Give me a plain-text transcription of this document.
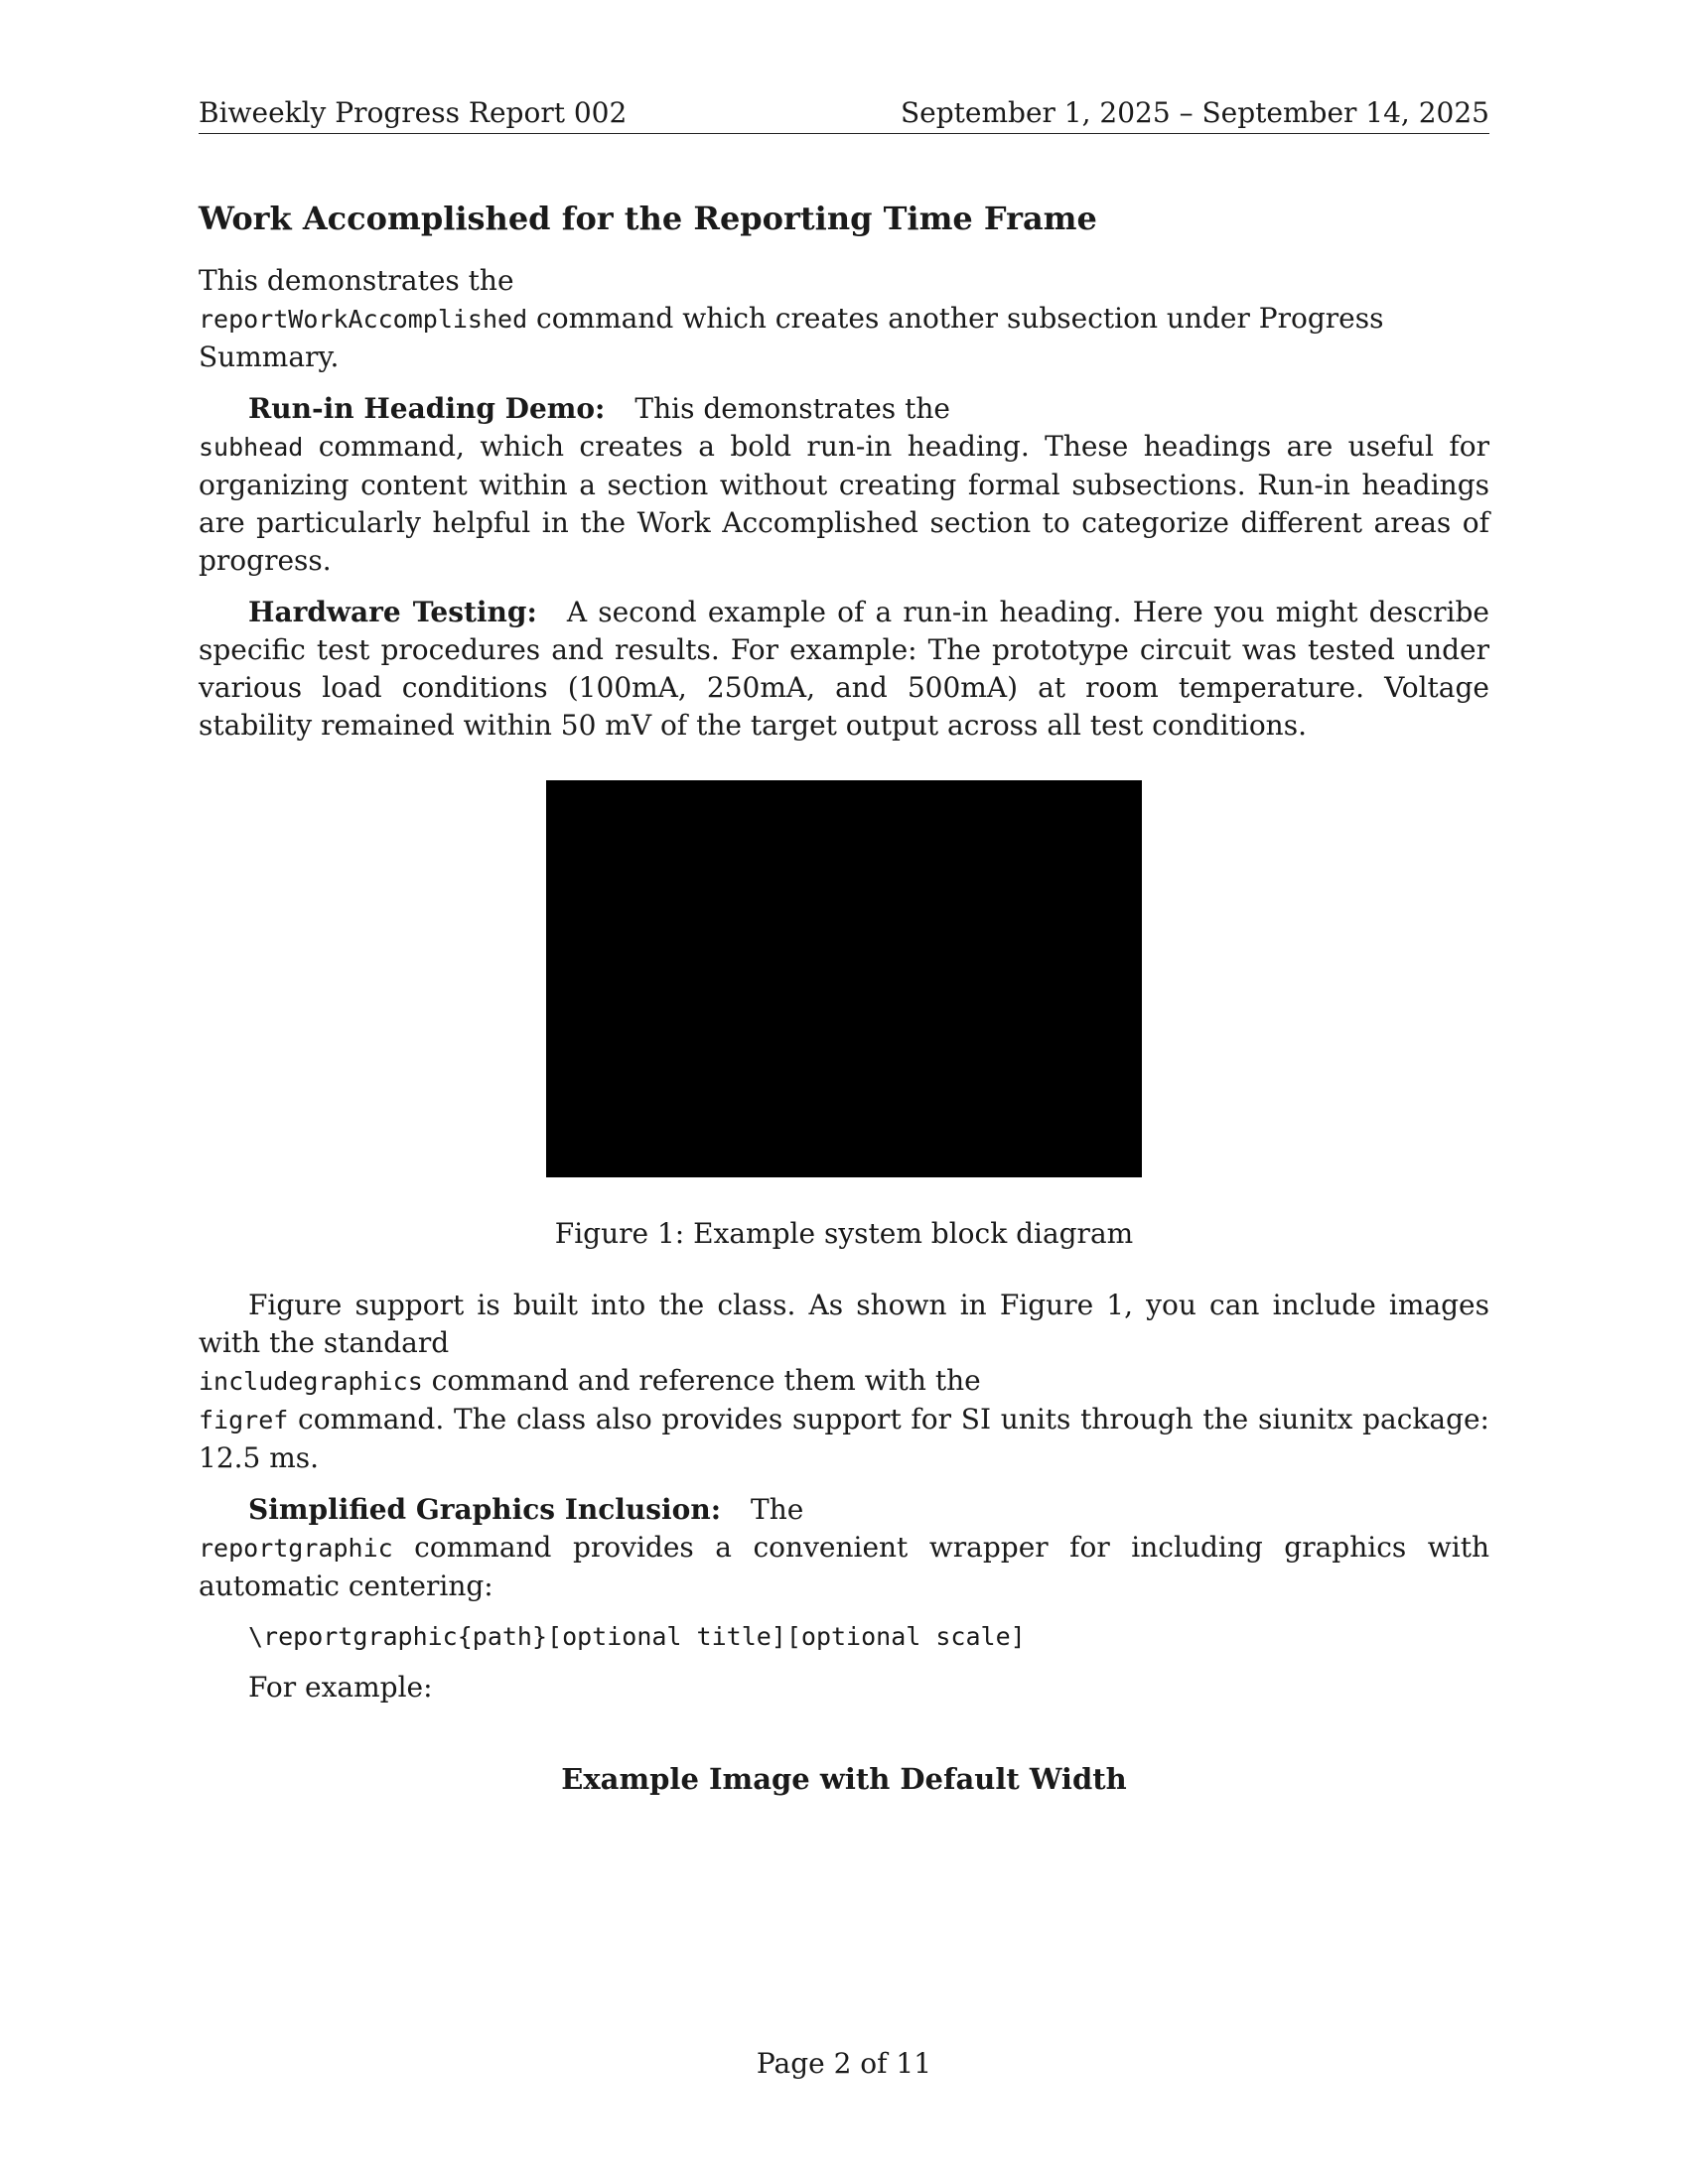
Biweekly Progress Report 002	September 1, 2025 – September 14, 2025
Work Accomplished for the Reporting Time Frame

This demonstrates the
reportWorkAccomplished command which creates another subsection under Progress Summary.

Run-in Heading Demo: This demonstrates the
subhead command, which creates a bold run-in heading. These headings are useful for organizing content within a section without creating formal subsections. Run-in headings are particularly helpful in the Work Accomplished section to categorize different areas of progress.

Hardware Testing: A second example of a run-in heading. Here you might describe specific test procedures and results. For example: The prototype circuit was tested under various load conditions (100mA, 250mA, and 500mA) at room temperature. Voltage stability remained within 50 mV of the target output across all test conditions.

Figure 1: Example system block diagram

Figure support is built into the class. As shown in Figure 1, you can include images with the standard
includegraphics command and reference them with the
figref command. The class also provides support for SI units through the siunitx package: 12.5 ms.

Simplified Graphics Inclusion: The
reportgraphic command provides a convenient wrapper for including graphics with automatic centering:

\reportgraphic{path}[optional title][optional scale]

For example:

Example Image with Default Width
Page 2 of 11
